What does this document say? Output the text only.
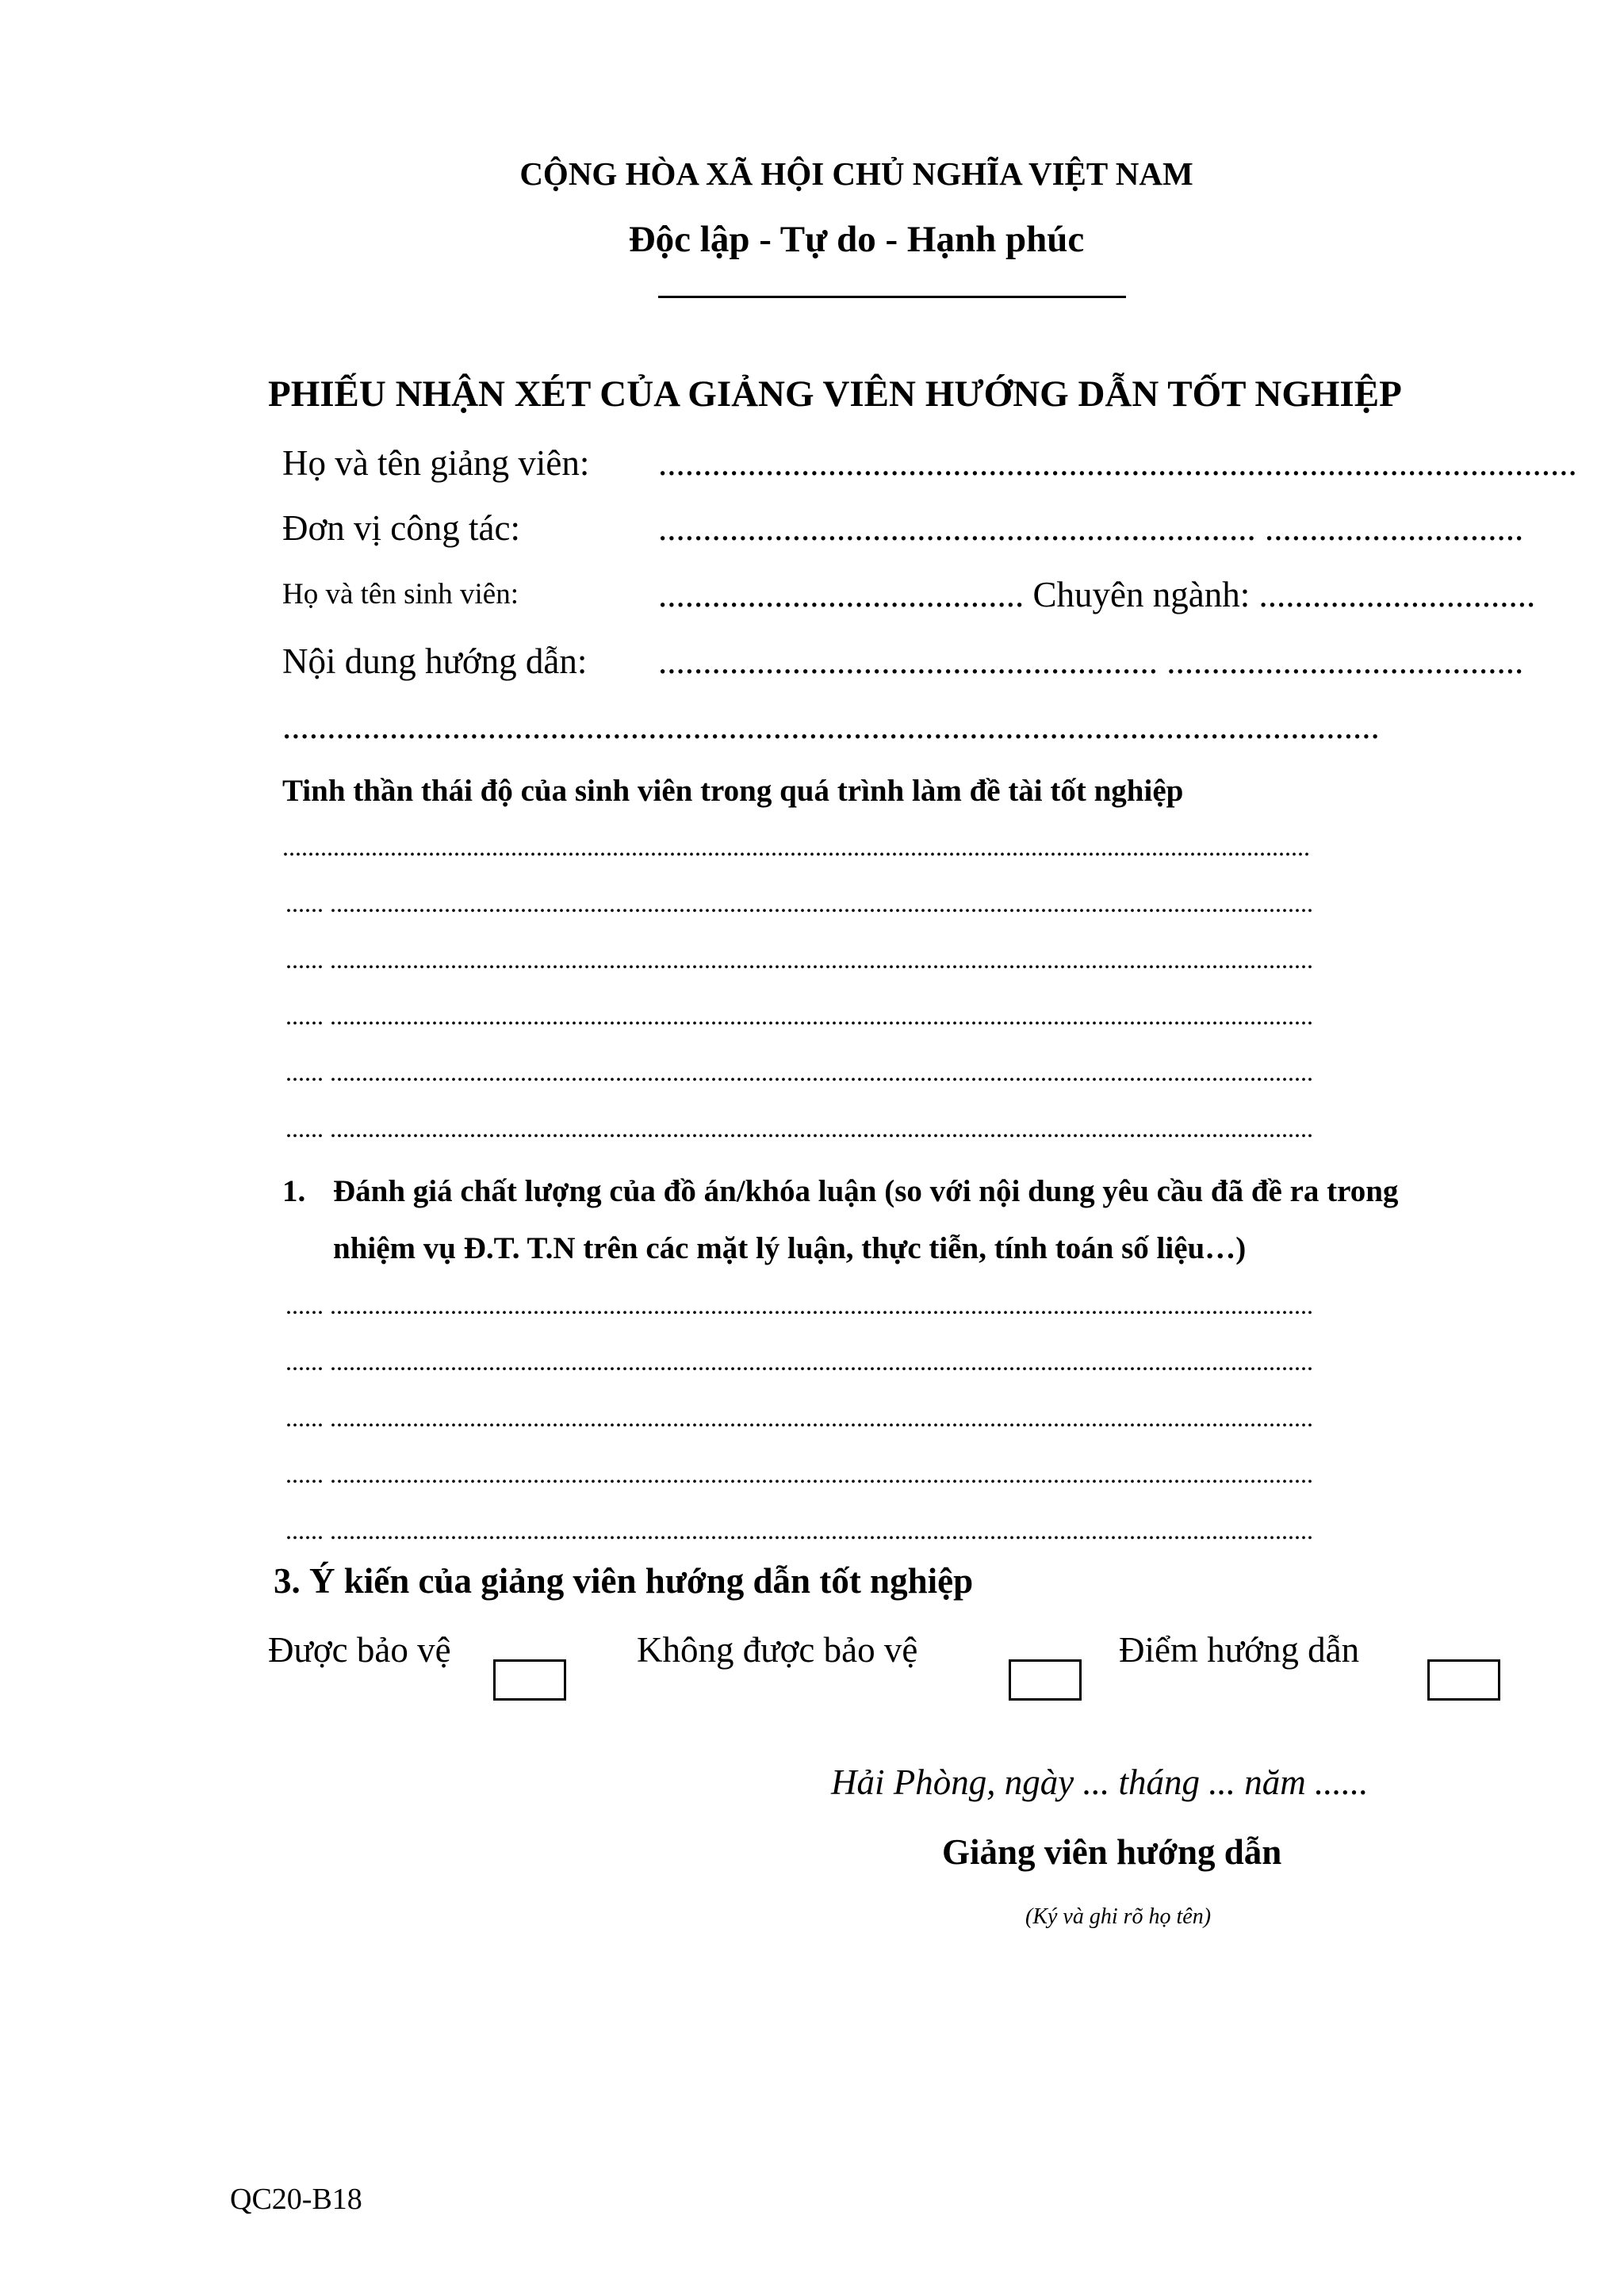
CỘNG HÒA XÃ HỘI CHỦ NGHĨA VIỆT NAM
Độc lập - Tự do - Hạnh phúc
PHIẾU NHẬN XÉT CỦA GIẢNG VIÊN HƯỚNG DẪN TỐT NGHIỆP
Họ và tên giảng viên: .......................................................................................................
Đơn vị công tác:	................................................................... .............................
Họ và tên sinh viên:	......................................... Chuyên ngành: ...............................
Nội dung hướng dẫn: ........................................................ ........................................
...........................................................................................................................
Tinh thần thái độ của sinh viên trong quá trình làm đề tài tốt nghiệp
..................................................................................................................................................................
...... ...........................................................................................................................................................
...... ...........................................................................................................................................................
...... ...........................................................................................................................................................
...... ...........................................................................................................................................................
...... ...........................................................................................................................................................
1. Đánh giá chất lượng của đồ án/khóa luận (so với nội dung yêu cầu đã đề ra trong
nhiệm vụ Đ.T. T.N trên các mặt lý luận, thực tiễn, tính toán số liệu…)
...... ...........................................................................................................................................................
...... ...........................................................................................................................................................
...... ...........................................................................................................................................................
...... ...........................................................................................................................................................
...... ...........................................................................................................................................................
3. Ý kiến của giảng viên hướng dẫn tốt nghiệp
Được bảo vệ	Không được bảo vệ	Điểm hướng dẫn
Hải Phòng, ngày ... tháng ... năm ......
Giảng viên hướng dẫn
(Ký và ghi rõ họ tên)
QC20-B18
